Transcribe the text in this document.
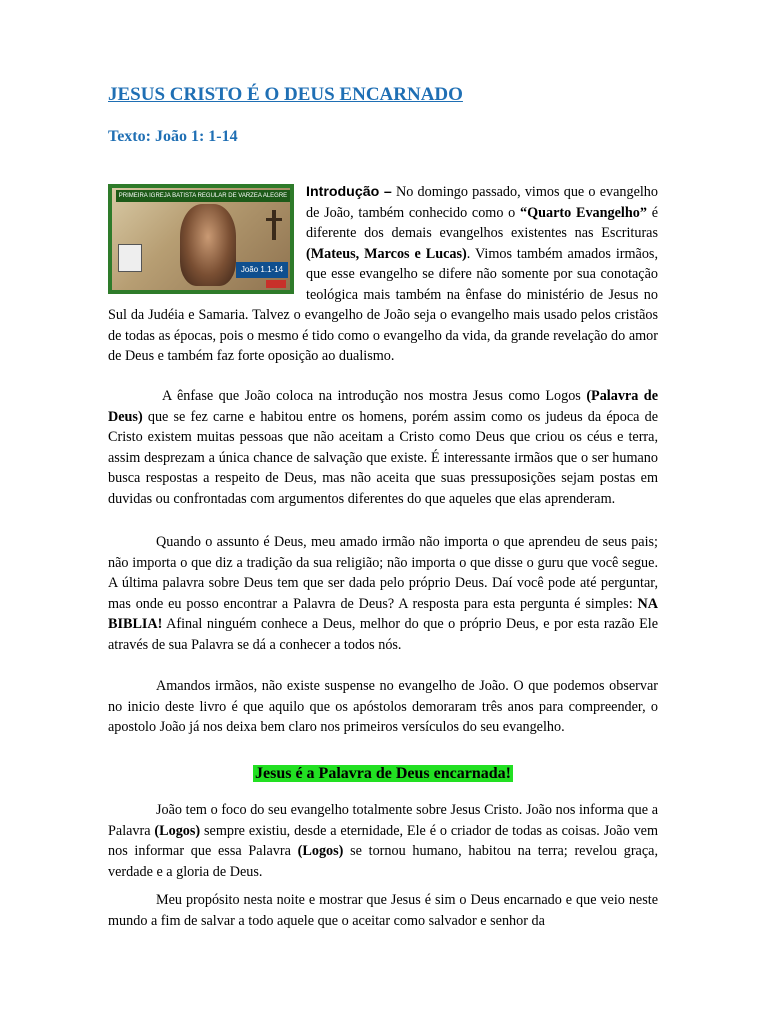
JESUS CRISTO É O DEUS ENCARNADO
Texto: João 1: 1-14
PRIMEIRA IGREJA BATISTA REGULAR DE VARZEA ALEGRE
João 1.1-14

Introdução – No domingo passado, vimos que o evangelho de João, também conhecido como o “Quarto Evangelho” é diferente dos demais evangelhos existentes nas Escrituras (Mateus, Marcos e Lucas). Vimos também amados irmãos, que esse evangelho se difere não somente por sua conotação teológica mais também na ênfase do ministério de Jesus no Sul da Judéia e Samaria. Talvez o evangelho de João seja o evangelho mais usado pelos cristãos de todas as épocas, pois o mesmo é tido como o evangelho da vida, da grande revelação do amor de Deus e também faz forte oposição ao dualismo.

A ênfase que João coloca na introdução nos mostra Jesus como Logos (Palavra de Deus) que se fez carne e habitou entre os homens, porém assim como os judeus da época de Cristo existem muitas pessoas que não aceitam a Cristo como Deus que criou os céus e terra, assim desprezam a única chance de salvação que existe. É interessante irmãos que o ser humano busca respostas a respeito de Deus, mas não aceita que suas pressuposições sejam postas em duvidas ou confrontadas com argumentos diferentes do que aqueles que elas aprenderam.

Quando o assunto é Deus, meu amado irmão não importa o que aprendeu de seus pais; não importa o que diz a tradição da sua religião; não importa o que disse o guru que você segue. A última palavra sobre Deus tem que ser dada pelo próprio Deus. Daí você pode até perguntar, mas onde eu posso encontrar a Palavra de Deus? A resposta para esta pergunta é simples: NA BIBLIA! Afinal ninguém conhece a Deus, melhor do que o próprio Deus, e por esta razão Ele através de sua Palavra se dá a conhecer a todos nós.

Amandos irmãos, não existe suspense no evangelho de João. O que podemos observar no inicio deste livro é que aquilo que os apóstolos demoraram três anos para compreender, o apostolo João já nos deixa bem claro nos primeiros versículos do seu evangelho.

Jesus é a Palavra de Deus encarnada!

João tem o foco do seu evangelho totalmente sobre Jesus Cristo. João nos informa que a Palavra (Logos) sempre existiu, desde a eternidade, Ele é o criador de todas as coisas. João vem nos informar que essa Palavra (Logos) se tornou humano, habitou na terra; revelou graça, verdade e a gloria de Deus.

Meu propósito nesta noite e mostrar que Jesus é sim o Deus encarnado e que veio neste mundo a fim de salvar a todo aquele que o aceitar como salvador e senhor da
